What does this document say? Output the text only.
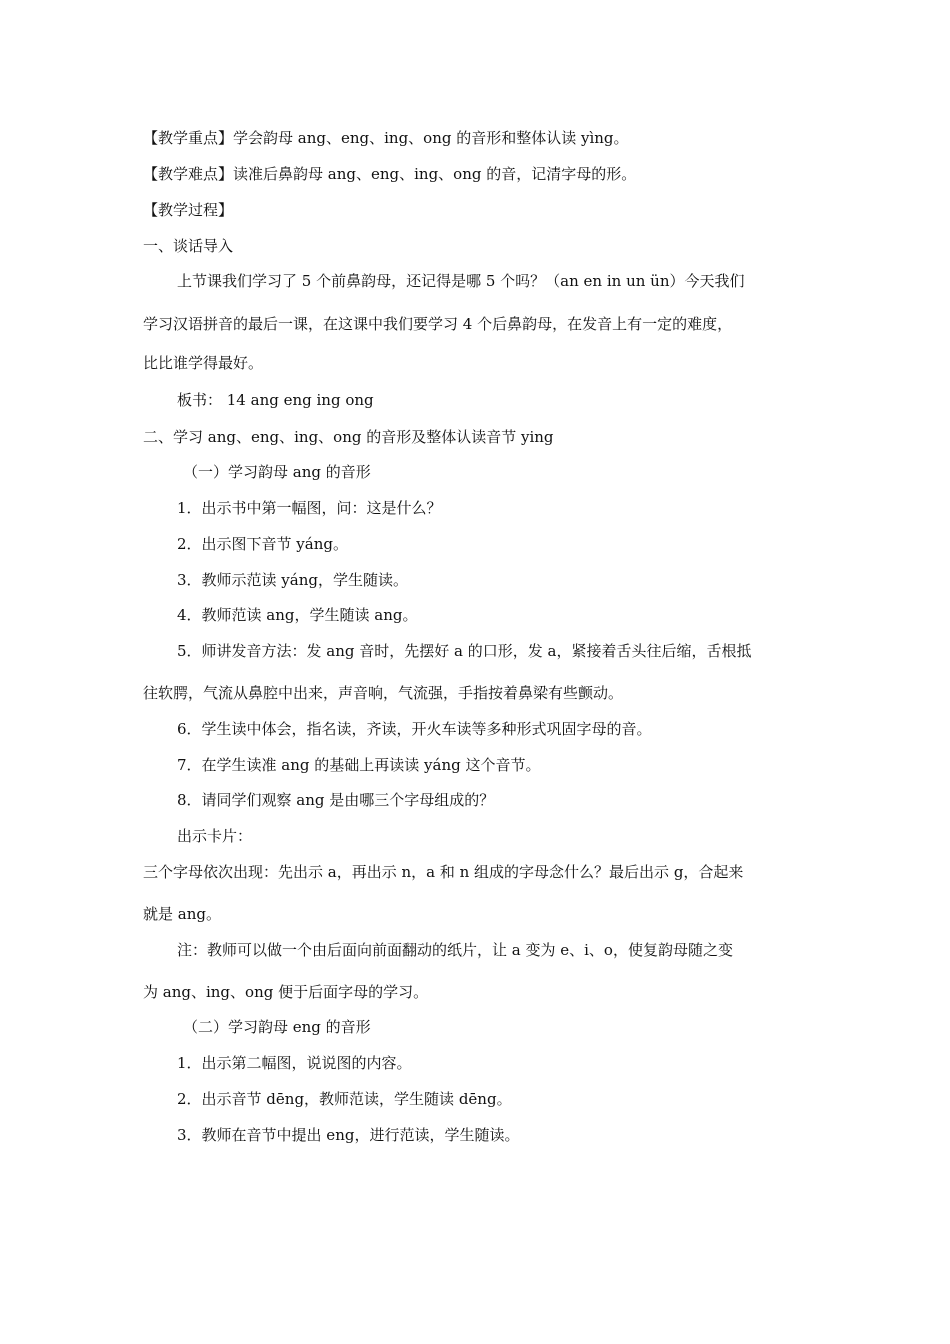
【教学重点】学会韵母 ang、eng、ing、ong 的音形和整体认读 yìng。
【教学难点】读准后鼻韵母 ang、eng、ing、ong 的音，记清字母的形。
【教学过程】
一、谈话导入
上节课我们学习了 5 个前鼻韵母，还记得是哪 5 个吗？（an en in un ün）今天我们
学习汉语拼音的最后一课，在这课中我们要学习 4 个后鼻韵母，在发音上有一定的难度，
比比谁学得最好。
板书： 14 ang eng ing ong
二、学习 ang、eng、ing、ong 的音形及整体认读音节 ying
（一）学习韵母 ang 的音形
1．出示书中第一幅图，问：这是什么？
2．出示图下音节 yáng。
3．教师示范读 yáng，学生随读。
4．教师范读 ang，学生随读 ang。
5．师讲发音方法：发 ang 音时，先摆好 a 的口形，发 a，紧接着舌头往后缩，舌根抵
往软腭，气流从鼻腔中出来，声音响，气流强，手指按着鼻梁有些颤动。
6．学生读中体会，指名读，齐读，开火车读等多种形式巩固字母的音。
7．在学生读准 ang 的基础上再读读 yáng 这个音节。
8．请同学们观察 ang 是由哪三个字母组成的？
出示卡片：
三个字母依次出现：先出示 a，再出示 n，a 和 n 组成的字母念什么？最后出示 g，合起来
就是 ang。
注：教师可以做一个由后面向前面翻动的纸片，让 a 变为 e、i、o，使复韵母随之变
为 ang、ing、ong 便于后面字母的学习。
（二）学习韵母 eng 的音形
1．出示第二幅图，说说图的内容。
2．出示音节 dēng，教师范读，学生随读 dēng。
3．教师在音节中提出 eng，进行范读，学生随读。
